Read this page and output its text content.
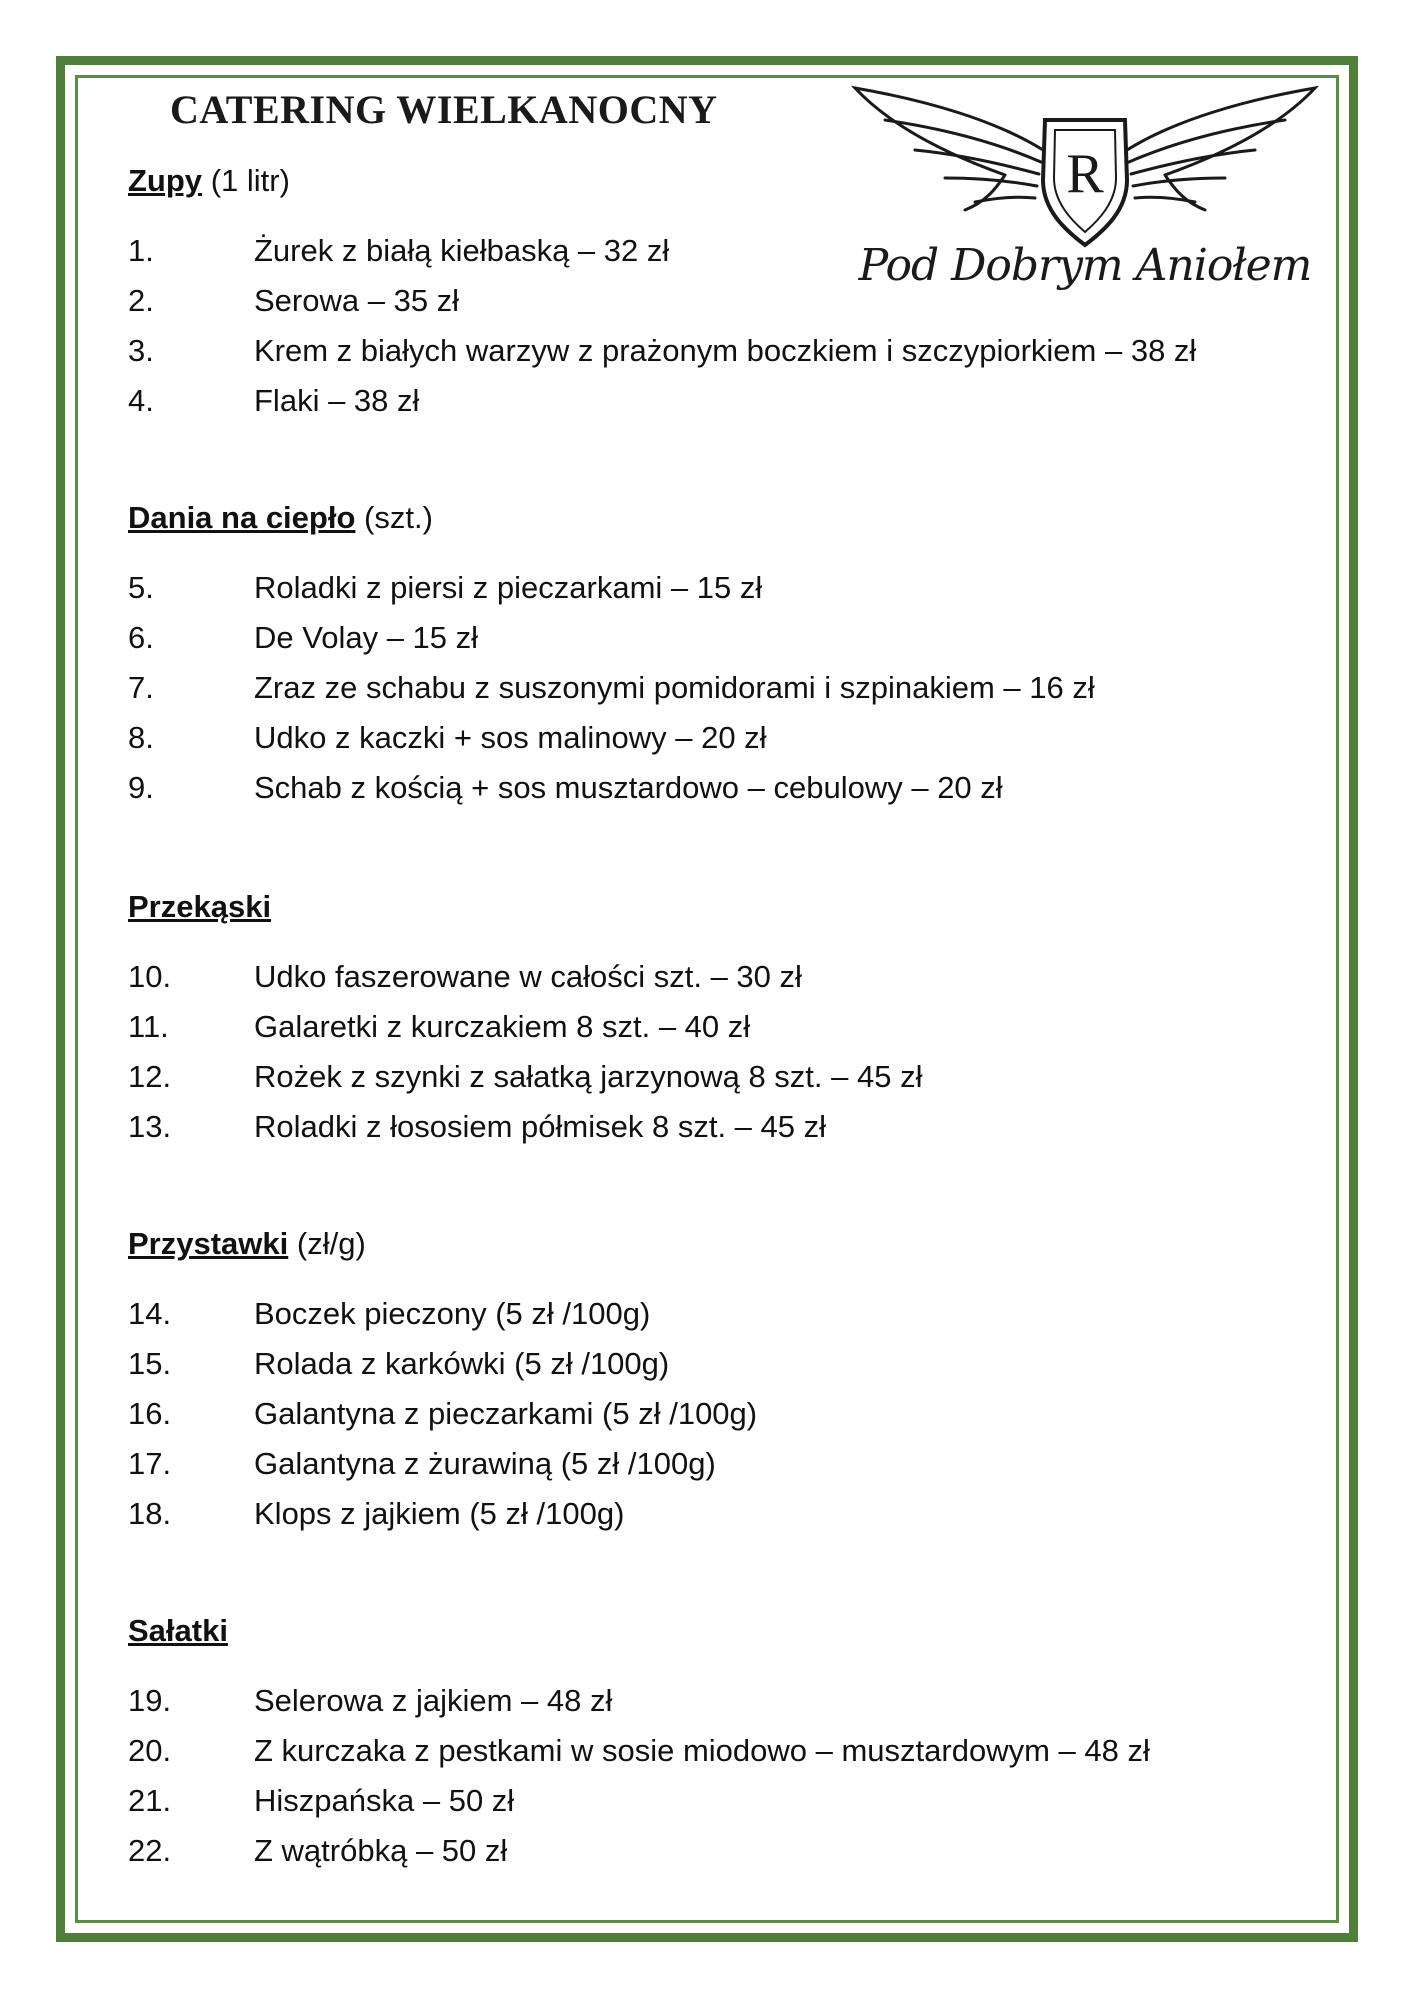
CATERING WIELKANOCNY
R
Pod Dobrym Aniołem
Zupy (1 litr)
1.	Żurek z białą kiełbaską – 32 zł
2.	Serowa – 35 zł
3.	Krem z białych warzyw z prażonym boczkiem i szczypiorkiem – 38 zł
4.	Flaki – 38 zł
Dania na ciepło (szt.)
5.	Roladki z piersi z pieczarkami – 15 zł
6.	De Volay – 15 zł
7.	Zraz ze schabu z suszonymi pomidorami i szpinakiem – 16 zł
8.	Udko z kaczki + sos malinowy – 20 zł
9.	Schab z kością + sos musztardowo – cebulowy – 20 zł
Przekąski
10.	Udko faszerowane w całości szt. – 30 zł
11.	Galaretki z kurczakiem 8 szt. – 40 zł
12.	Rożek z szynki z sałatką jarzynową 8 szt. – 45 zł
13.	Roladki z łososiem półmisek 8 szt. – 45 zł
Przystawki (zł/g)
14.	Boczek pieczony (5 zł /100g)
15.	Rolada z karkówki (5 zł /100g)
16.	Galantyna z pieczarkami (5 zł /100g)
17.	Galantyna z żurawiną (5 zł /100g)
18.	Klops z jajkiem (5 zł /100g)
Sałatki
19.	Selerowa z jajkiem – 48 zł
20.	Z kurczaka z pestkami w sosie miodowo – musztardowym – 48 zł
21.	Hiszpańska – 50 zł
22.	Z wątróbką – 50 zł
